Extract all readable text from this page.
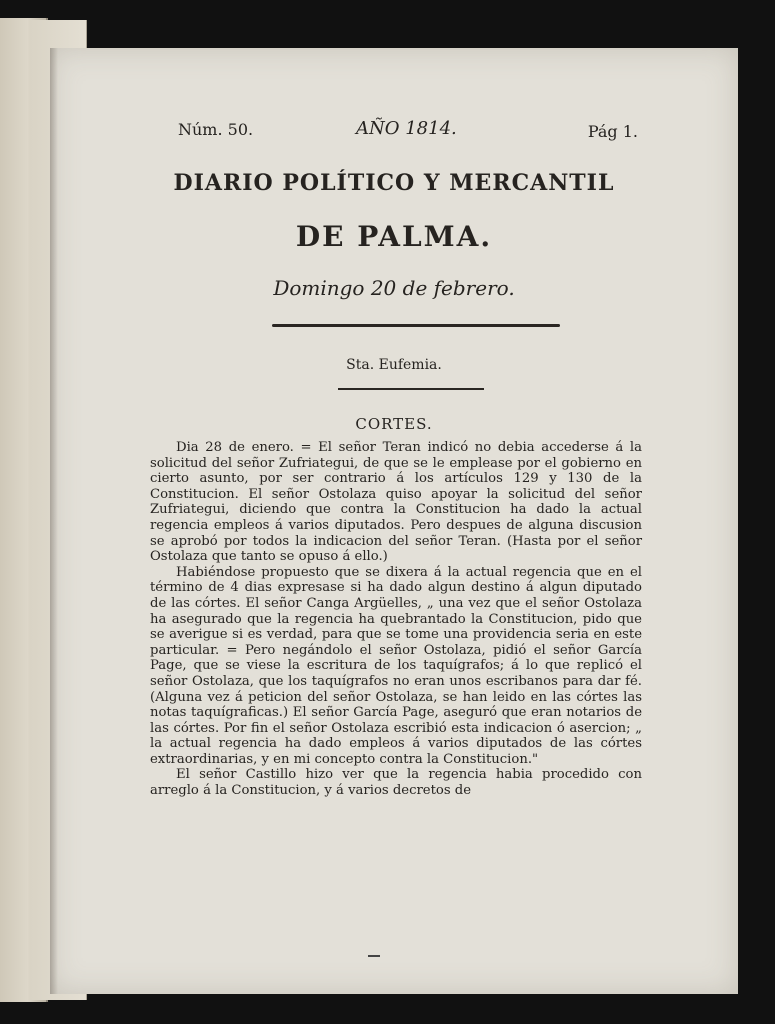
Núm. 50.	AÑO 1814.	Pág 1.
DIARIO POLÍTICO Y MERCANTIL
DE PALMA.
Domingo 20 de febrero.
Sta. Eufemia.
CORTES.

Dia 28 de enero. = El señor Teran indicó no debia accederse á la solicitud del señor Zufriategui, de que se le emplease por el gobierno en cierto asunto, por ser contrario á los artículos 129 y 130 de la Constitucion. El señor Ostolaza quiso apoyar la solicitud del señor Zufriategui, diciendo que contra la Constitucion ha dado la actual regencia empleos á varios diputados. Pero despues de alguna discusion se aprobó por todos la indicacion del señor Teran. (Hasta por el señor Ostolaza que tanto se opuso á ello.)

Habiéndose propuesto que se dixera á la actual regencia que en el término de 4 dias expresase si ha dado algun destino á algun diputado de las córtes. El señor Canga Argüelles, „ una vez que el señor Ostolaza ha asegurado que la regencia ha quebrantado la Constitucion, pido que se averigue si es verdad, para que se tome una providencia seria en este particular. = Pero negándolo el señor Ostolaza, pidió el señor García Page, que se viese la escritura de los taquígrafos; á lo que replicó el señor Ostolaza, que los taquígrafos no eran unos escribanos para dar fé. (Alguna vez á peticion del señor Ostolaza, se han leido en las córtes las notas taquígraficas.) El señor García Page, aseguró que eran notarios de las córtes. Por fin el señor Ostolaza escribió esta indicacion ó asercion; „ la actual regencia ha dado empleos á varios diputados de las córtes extraordinarias, y en mi concepto contra la Constitucion."

El señor Castillo hizo ver que la regencia habia procedido con arreglo á la Constitucion, y á varios decretos de
